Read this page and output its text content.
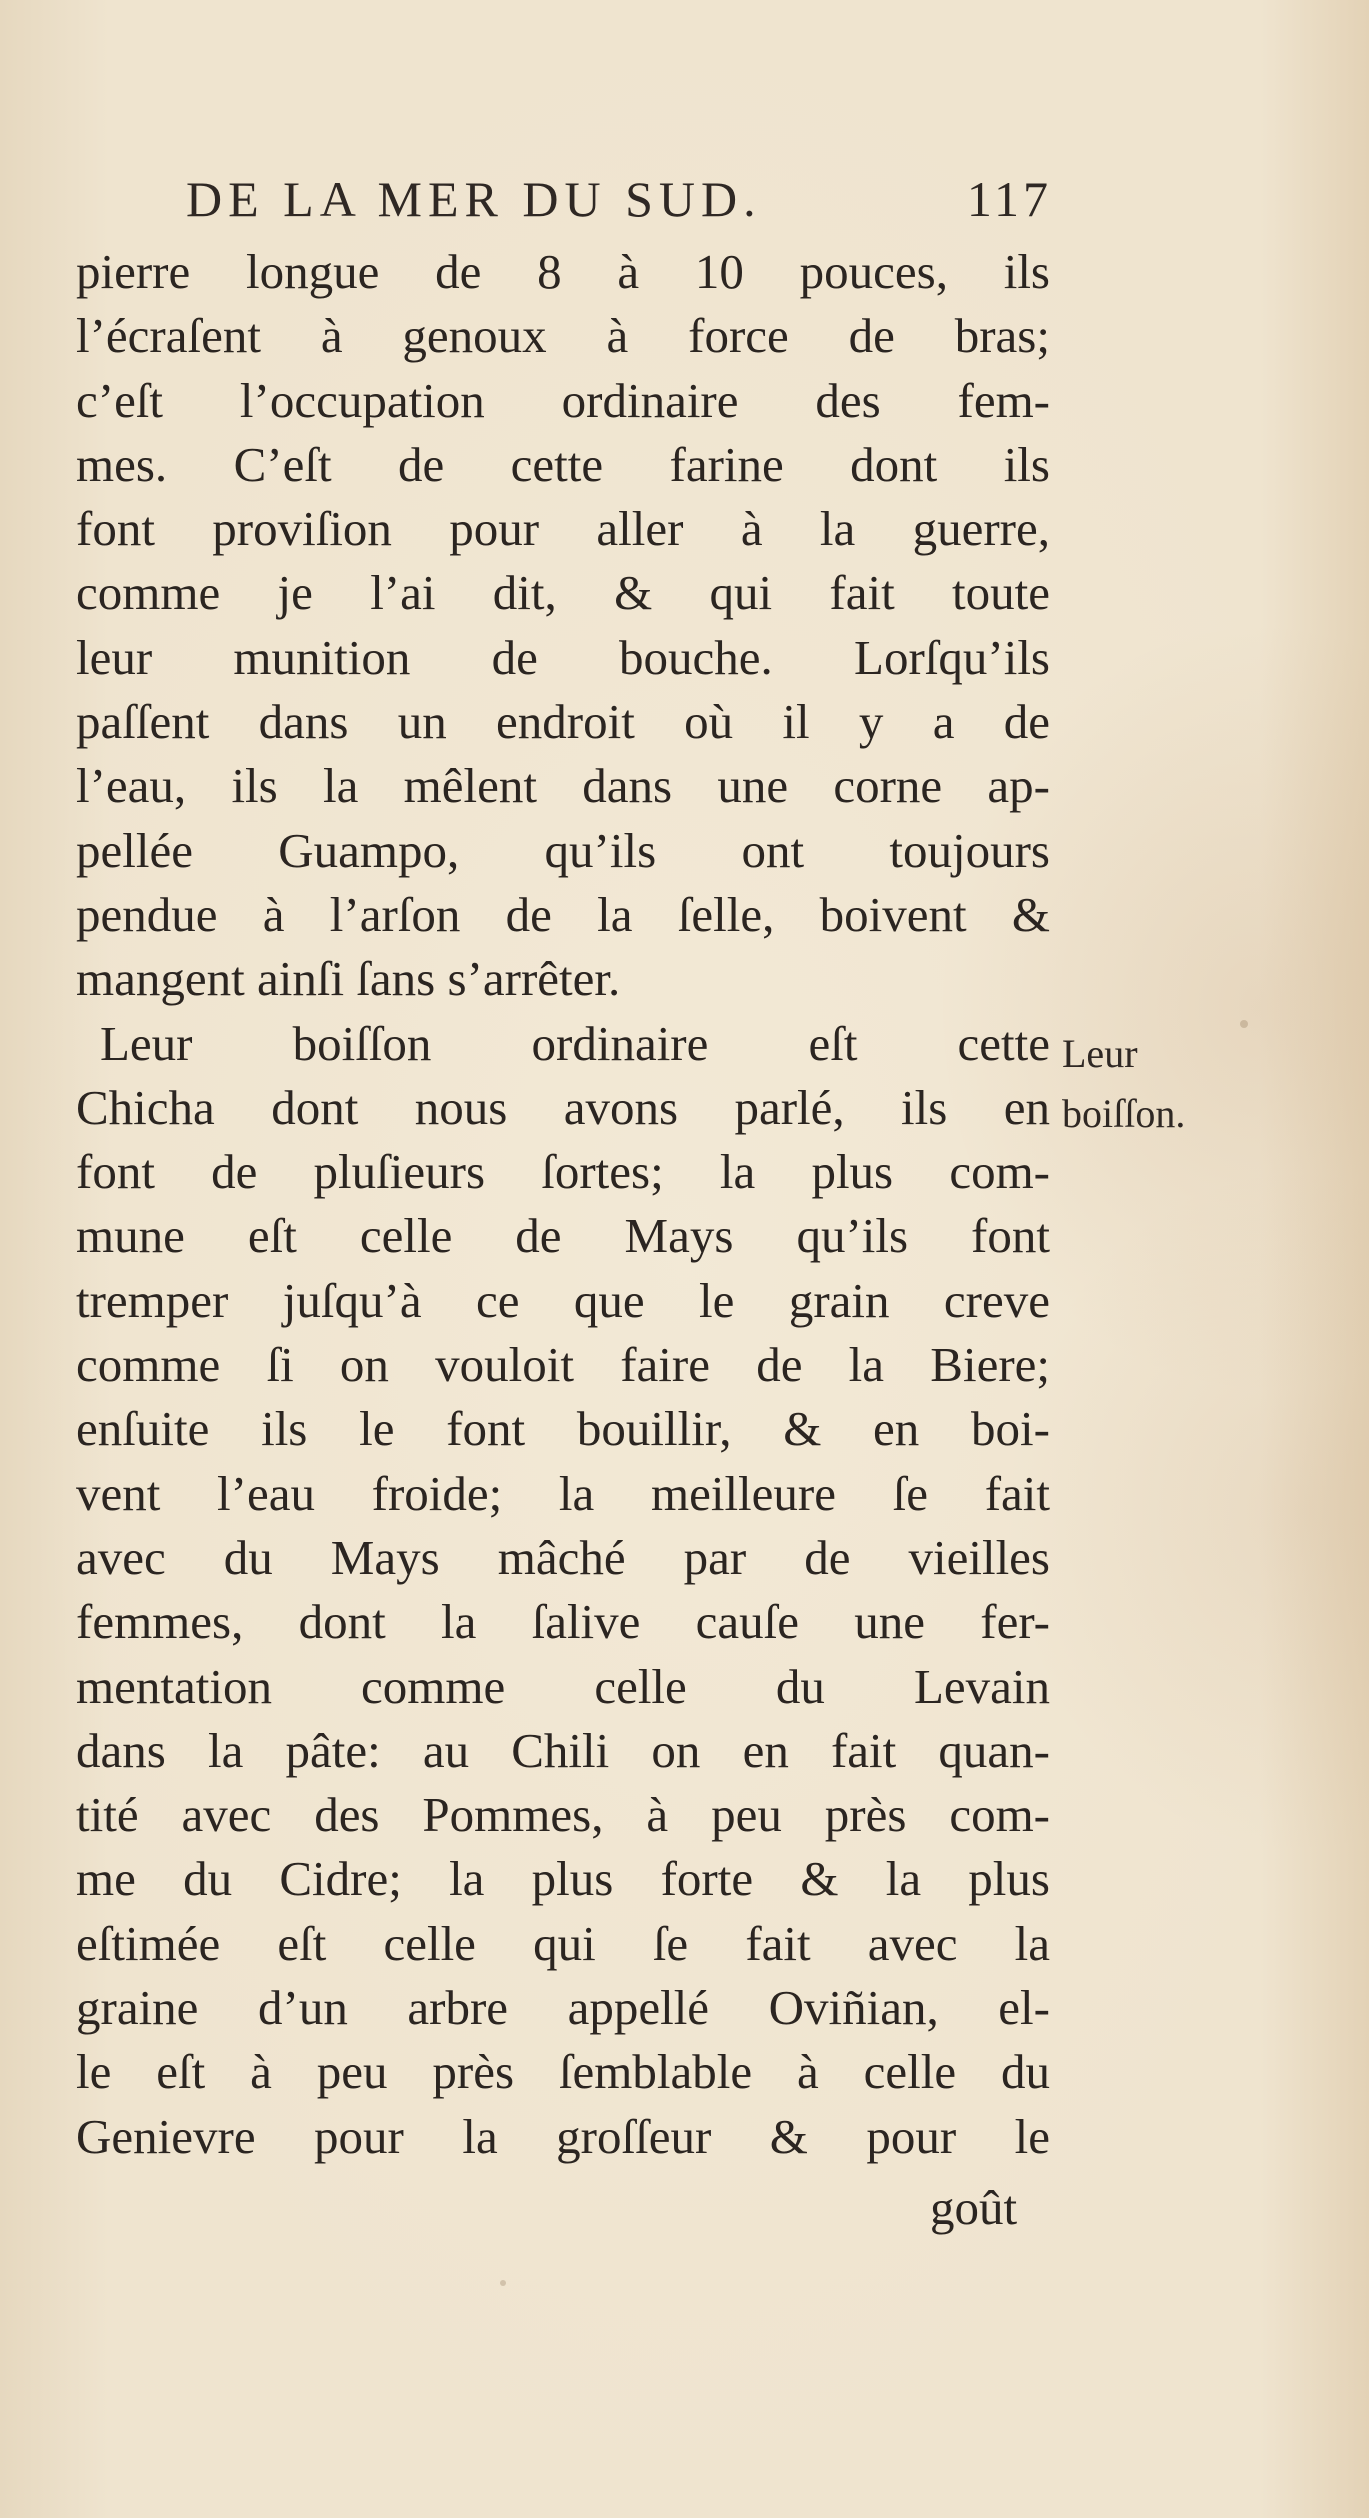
DE LA MER DU SUD.	117
pierre longue de 8 à 10 pouces, ils
l’écraſent à genoux à force de bras;
c’eſt l’occupation ordinaire des fem-
mes. C’eſt de cette farine dont ils
font proviſion pour aller à la guerre,
comme je l’ai dit, & qui fait toute
leur munition de bouche. Lorſqu’ils
paſſent dans un endroit où il y a de
l’eau, ils la mêlent dans une corne ap-
pellée Guampo, qu’ils ont toujours
pendue à l’arſon de la ſelle, boivent &
mangent ainſi ſans s’arrêter.
Leur boiſſon ordinaire eſt cette
Chicha dont nous avons parlé, ils en
font de pluſieurs ſortes; la plus com-
mune eſt celle de Mays qu’ils font
tremper juſqu’à ce que le grain creve
comme ſi on vouloit faire de la Biere;
enſuite ils le font bouillir, & en boi-
vent l’eau froide; la meilleure ſe fait
avec du Mays mâché par de vieilles
femmes, dont la ſalive cauſe une fer-
mentation comme celle du Levain
dans la pâte: au Chili on en fait quan-
tité avec des Pommes, à peu près com-
me du Cidre; la plus forte & la plus
eſtimée eſt celle qui ſe fait avec la
graine d’un arbre appellé Oviñian, el-
le eſt à peu près ſemblable à celle du
Genievre pour la groſſeur & pour le
Leur
boiſſon.
goût
